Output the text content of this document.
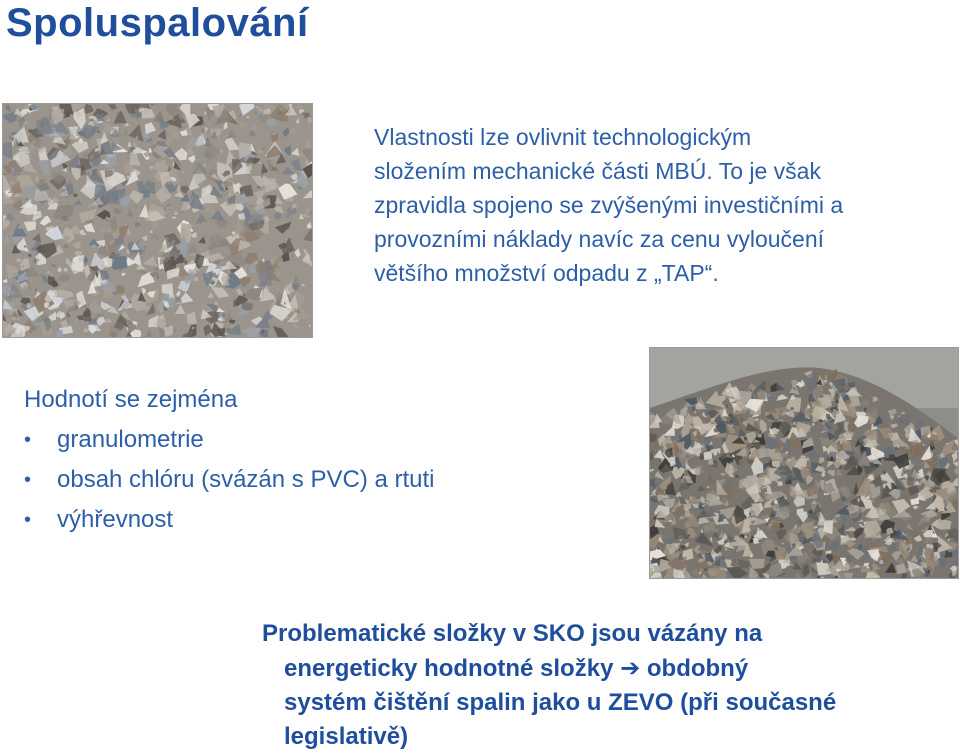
Spoluspalování
Vlastnosti lze ovlivnit technologickým
složením mechanické části MBÚ. To je však
zpravidla spojeno se zvýšenými investičními a
provozními náklady navíc za cenu vyloučení
většího množství odpadu z „TAP“.
Hodnotí se zejména
• granulometrie
• obsah chlóru (svázán s PVC) a rtuti
• výhřevnost
Problematické složky v SKO jsou vázány na
energeticky hodnotné složky ➔ obdobný
systém čištění spalin jako u ZEVO (při současné
legislativě)
